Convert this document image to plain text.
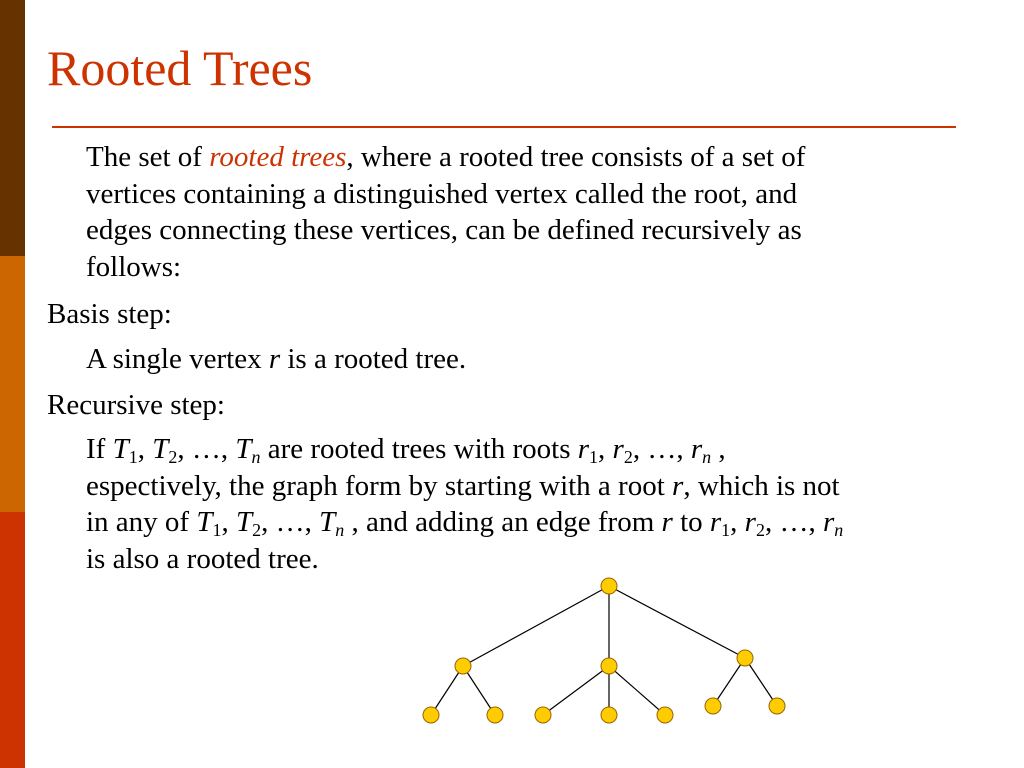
Rooted Trees

The set of rooted trees, where a rooted tree consists of a set of
vertices containing a distinguished vertex called the root, and
edges connecting these vertices, can be defined recursively as
follows:

Basis step:

A single vertex r is a rooted tree.

Recursive step:

If $T_1$, $T_2$, …, $T_n$ are rooted trees with roots $r_1$, $r_2$, …, $r_n$ ,
espectively, the graph form by starting with a root r, which is not
in any of $T_1$, $T_2$, …, $T_n$ , and adding an edge from r to $r_1$, $r_2$, …, $r_n$
is also a rooted tree.
